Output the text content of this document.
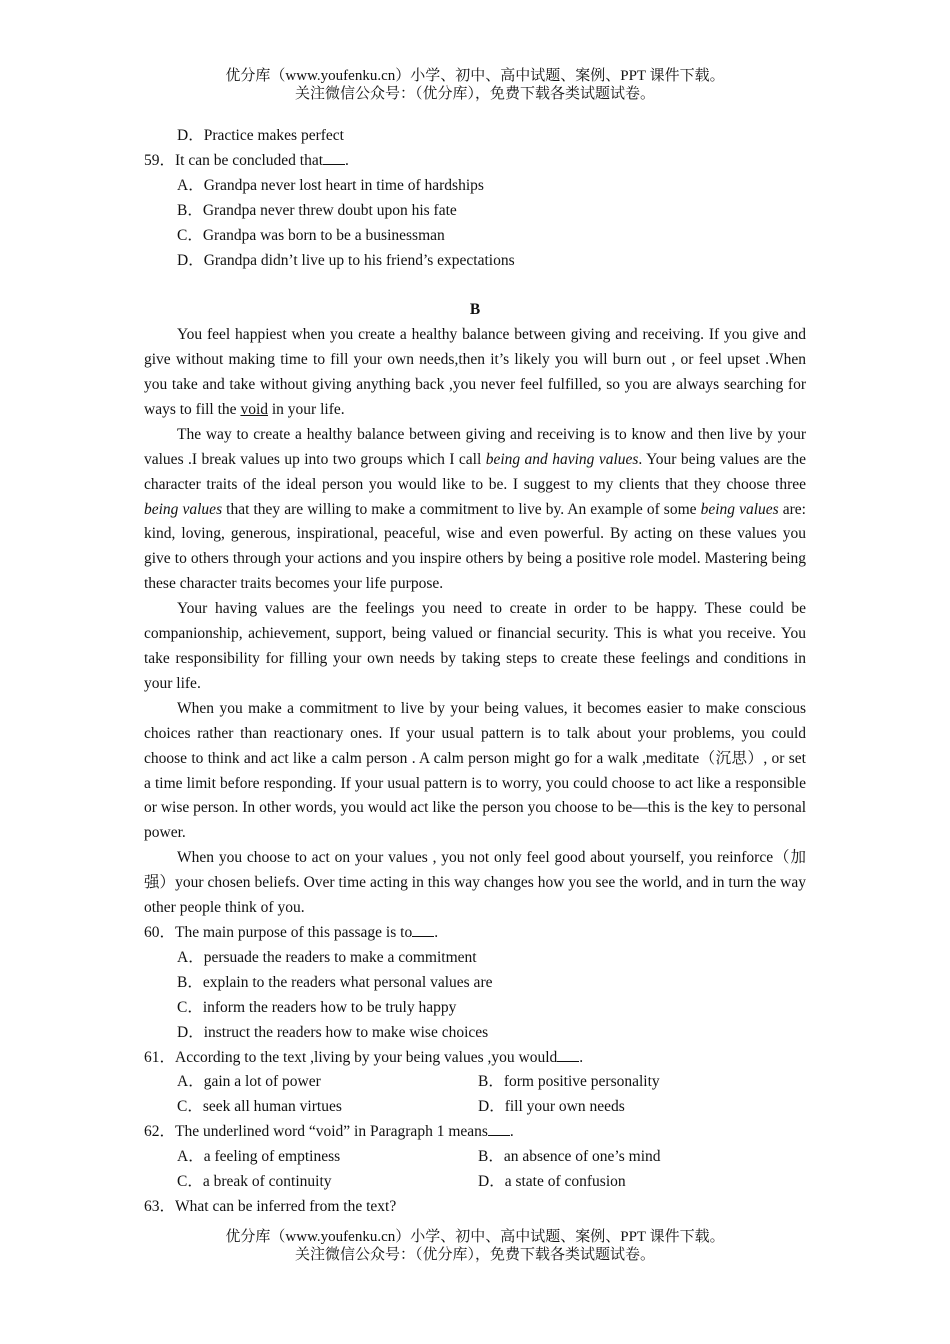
优分库（www.youfenku.cn）小学、初中、高中试题、案例、PPT 课件下载。
关注微信公众号：（优分库），免费下载各类试题试卷。
D．Practice makes perfect
59．It can be concluded that .
A．Grandpa never lost heart in time of hardships
B．Grandpa never threw doubt upon his fate
C．Grandpa was born to be a businessman
D．Grandpa didn’t live up to his friend’s expectations
B

You feel happiest when you create a healthy balance between giving and receiving. If you give and give without making time to fill your own needs,then it’s likely you will burn out , or feel upset .When you take and take without giving anything back ,you never feel fulfilled, so you are always searching for ways to fill the void in your life.

The way to create a healthy balance between giving and receiving is to know and then live by your values .I break values up into two groups which I call being and having values. Your being values are the character traits of the ideal person you would like to be. I suggest to my clients that they choose three being values that they are willing to make a commitment to live by. An example of some being values are: kind, loving, generous, inspirational, peaceful, wise and even powerful. By acting on these values you give to others through your actions and you inspire others by being a positive role model. Mastering being these character traits becomes your life purpose.

Your having values are the feelings you need to create in order to be happy. These could be companionship, achievement, support, being valued or financial security. This is what you receive. You take responsibility for filling your own needs by taking steps to create these feelings and conditions in your life.

When you make a commitment to live by your being values, it becomes easier to make conscious choices rather than reactionary ones. If your usual pattern is to talk about your problems, you could choose to think and act like a calm person . A calm person might go for a walk ,meditate（沉思）, or set a time limit before responding. If your usual pattern is to worry, you could choose to act like a responsible or wise person. In other words, you would act like the person you choose to be—this is the key to personal power.

When you choose to act on your values , you not only feel good about yourself, you reinforce（加强）your chosen beliefs. Over time acting in this way changes how you see the world, and in turn the way other people think of you.

60．The main purpose of this passage is to .
A．persuade the readers to make a commitment
B．explain to the readers what personal values are
C．inform the readers how to be truly happy
D．instruct the readers how to make wise choices
61．According to the text ,living by your being values ,you would .
A．gain a lot of power	B．form positive personality
C．seek all human virtues	D．fill your own needs
62．The underlined word “void” in Paragraph 1 means .
A．a feeling of emptiness	B．an absence of one’s mind
C．a break of continuity	D．a state of confusion
63．What can be inferred from the text?
优分库（www.youfenku.cn）小学、初中、高中试题、案例、PPT 课件下载。
关注微信公众号：（优分库），免费下载各类试题试卷。
